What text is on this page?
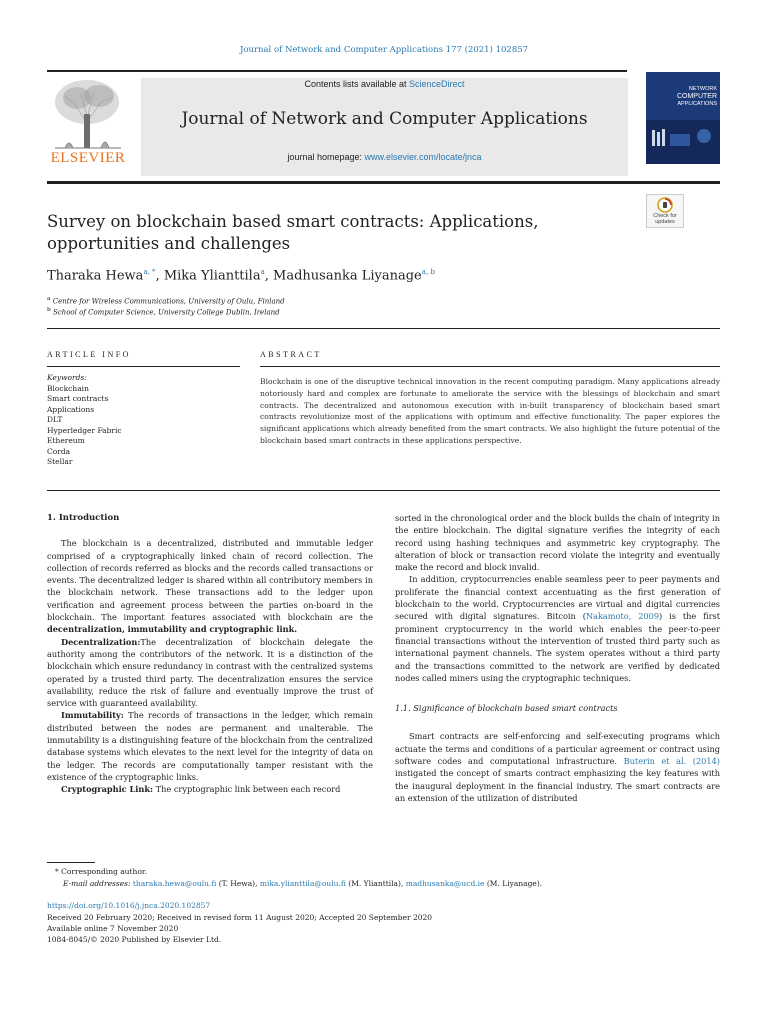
Journal of Network and Computer Applications 177 (2021) 102857
ELSEVIER
Contents lists available at ScienceDirect
Journal of Network and Computer Applications
journal homepage: www.elsevier.com/locate/jnca
NETWORK
COMPUTER
APPLICATIONS
Check for
updates
Survey on blockchain based smart contracts: Applications, opportunities and challenges
Tharaka Hewa$^{a, *}$, Mika Ylianttila$^a$, Madhusanka Liyanage$^{a, b}$
$^a$ Centre for Wireless Communications, University of Oulu, Finland
$^b$ School of Computer Science, University College Dublin, Ireland
ARTICLE INFO	ABSTRACT
Keywords:
Blockchain
Smart contracts
Applications
DLT
Hyperledger Fabric
Ethereum
Corda
Stellar
Blockchain is one of the disruptive technical innovation in the recent computing paradigm. Many applications already notoriously hard and complex are fortunate to ameliorate the service with the blessings of blockchain and smart contracts. The decentralized and autonomous execution with in-built transparency of blockchain based smart contracts revolutionize most of the applications with optimum and effective functionality. The paper explores the significant applications which already benefited from the smart contracts. We also highlight the future potential of the blockchain based smart contracts in these applications perspective.

1. Introduction

The blockchain is a decentralized, distributed and immutable ledger comprised of a cryptographically linked chain of record collection. The collection of records referred as blocks and the records called transactions or events. The decentralized ledger is shared within all contributory members in the blockchain network. These transactions add to the ledger upon verification and agreement process between the parties on-board in the blockchain. The important features associated with blockchain are the decentralization, immutability and cryptographic link.

Decentralization:The decentralization of blockchain delegate the authority among the contributors of the network. It is a distinction of the blockchain which ensure redundancy in contrast with the centralized systems operated by a trusted third party. The decentralization ensures the service availability, reduce the risk of failure and eventually improve the trust of service with guaranteed availability.

Immutability: The records of transactions in the ledger, which remain distributed between the nodes are permanent and unalterable. The immutability is a distinguishing feature of the blockchain from the centralized database systems which elevates to the next level for the integrity of data on the ledger. The records are computationally tamper resistant with the existence of the cryptographic links.

Cryptographic Link: The cryptographic link between each record

sorted in the chronological order and the block builds the chain of integrity in the entire blockchain. The digital signature verifies the integrity of each record using hashing techniques and asymmetric key cryptography. The alteration of block or transaction record violate the integrity and eventually make the record and block invalid.

In addition, cryptocurrencies enable seamless peer to peer payments and proliferate the financial context accentuating as the first generation of blockchain to the world. Cryptocurrencies are virtual and digital currencies secured with digital signatures. Bitcoin (Nakamoto, 2009) is the first prominent cryptocurrency in the world which enables the peer-to-peer financial transactions without the intervention of trusted third party such as international payment channels. The system operates without a third party and the transactions committed to the network are verified by dedicated nodes called miners using the cryptographic techniques.

1.1. Significance of blockchain based smart contracts

Smart contracts are self-enforcing and self-executing programs which actuate the terms and conditions of a particular agreement or contract using software codes and computational infrastructure. Buterin et al. (2014) instigated the concept of smarts contract emphasizing the key features with the inaugural deployment in the financial industry. The smart contracts are an extension of the utilization of distributed

* Corresponding author.
E-mail addresses: tharaka.hewa@oulu.fi (T. Hewa), mika.ylianttila@oulu.fi (M. Ylianttila), madhusanka@ucd.ie (M. Liyanage).
https://doi.org/10.1016/j.jnca.2020.102857
Received 20 February 2020; Received in revised form 11 August 2020; Accepted 20 September 2020
Available online 7 November 2020
1084-8045/© 2020 Published by Elsevier Ltd.
